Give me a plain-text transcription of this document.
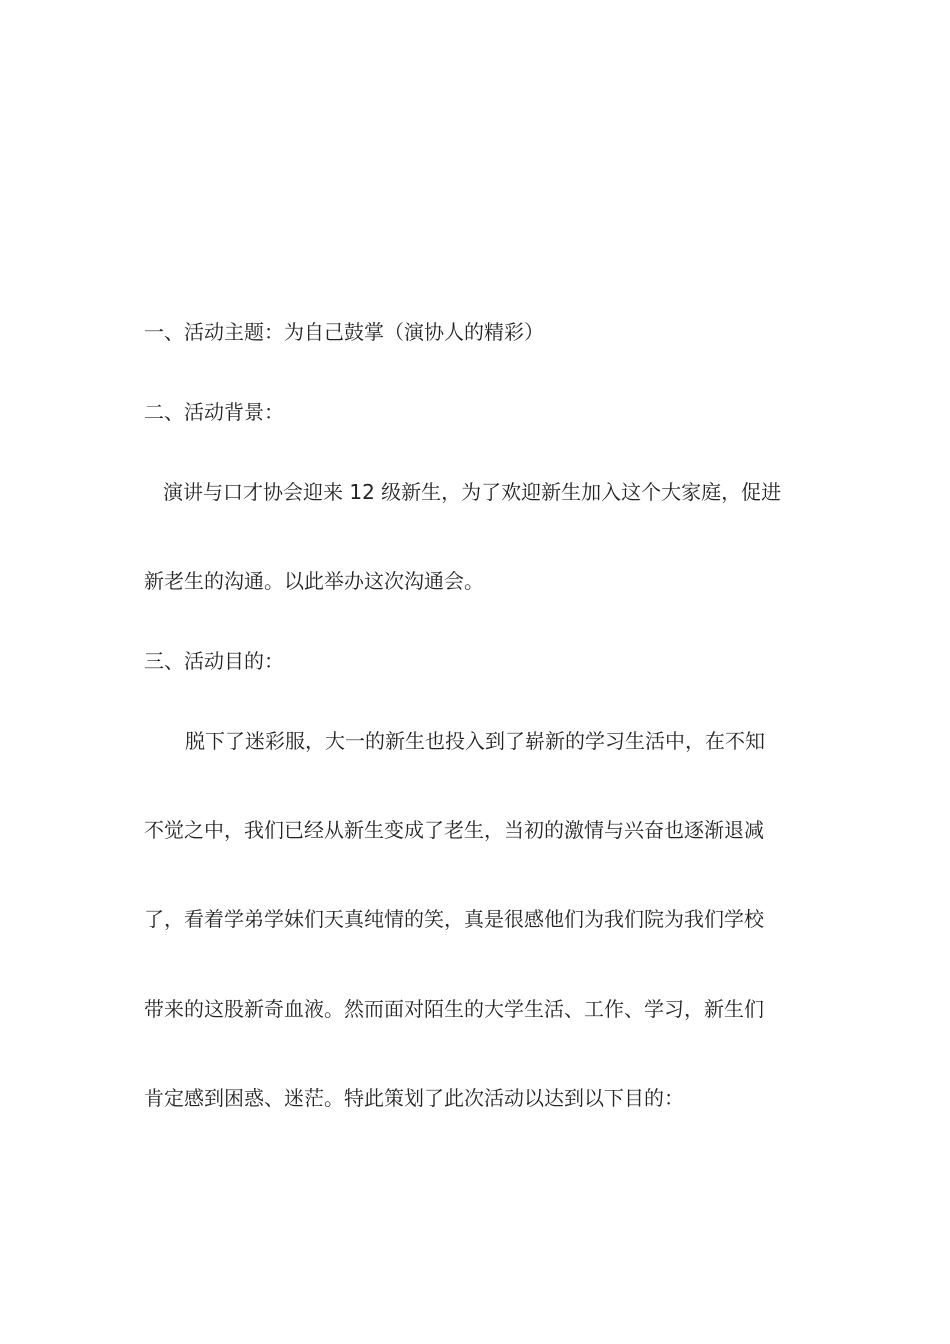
一、活动主题：为自己鼓掌（演协人的精彩）
二、活动背景：
演讲与口才协会迎来 12 级新生，为了欢迎新生加入这个大家庭，促进
新老生的沟通。以此举办这次沟通会。
三、活动目的：
脱下了迷彩服，大一的新生也投入到了崭新的学习生活中，在不知
不觉之中，我们已经从新生变成了老生，当初的激情与兴奋也逐渐退减
了，看着学弟学妹们天真纯情的笑，真是很感他们为我们院为我们学校
带来的这股新奇血液。然而面对陌生的大学生活、工作、学习，新生们
肯定感到困惑、迷茫。特此策划了此次活动以达到以下目的：
